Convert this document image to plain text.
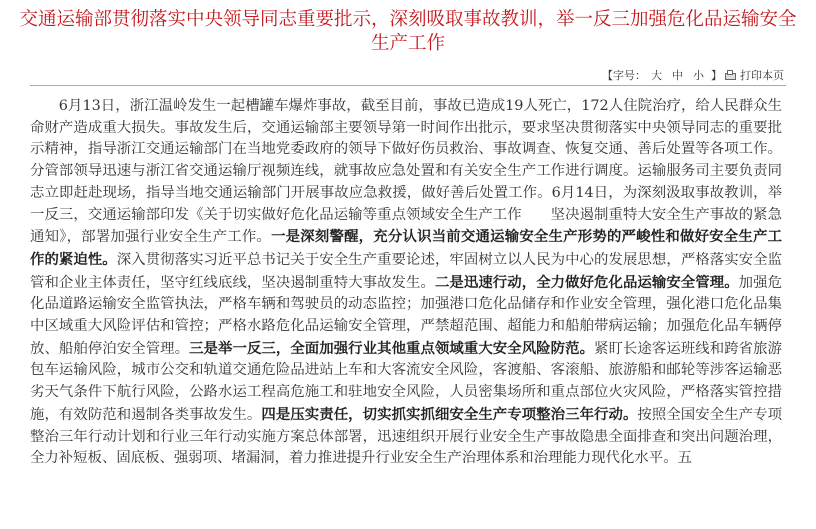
交通运输部贯彻落实中央领导同志重要批示，深刻吸取事故教训，举一反三加强危化品运输安全生产工作
【字号： 大 中 小 】 打印本页
6月13日，浙江温岭发生一起槽罐车爆炸事故，截至目前，事故已造成19人死亡，172人住院治疗，给人民群众生命财产造成重大损失。事故发生后，交通运输部主要领导第一时间作出批示，要求坚决贯彻落实中央领导同志的重要批示精神，指导浙江交通运输部门在当地党委政府的领导下做好伤员救治、事故调查、恢复交通、善后处置等各项工作。分管部领导迅速与浙江省交通运输厅视频连线，就事故应急处置和有关安全生产工作进行调度。运输服务司主要负责同志立即赶赴现场，指导当地交通运输部门开展事故应急救援，做好善后处置工作。6月14日，为深刻汲取事故教训，举一反三，交通运输部印发《关于切实做好危化品运输等重点领域安全生产工作　　坚决遏制重特大安全生产事故的紧急通知》，部署加强行业安全生产工作。一是深刻警醒，充分认识当前交通运输安全生产形势的严峻性和做好安全生产工作的紧迫性。深入贯彻落实习近平总书记关于安全生产重要论述，牢固树立以人民为中心的发展思想，严格落实安全监管和企业主体责任，坚守红线底线，坚决遏制重特大事故发生。二是迅速行动，全力做好危化品运输安全管理。加强危化品道路运输安全监管执法，严格车辆和驾驶员的动态监控；加强港口危化品储存和作业安全管理，强化港口危化品集中区域重大风险评估和管控；严格水路危化品运输安全管理，严禁超范围、超能力和船舶带病运输；加强危化品车辆停放、船舶停泊安全管理。三是举一反三，全面加强行业其他重点领域重大安全风险防范。紧盯长途客运班线和跨省旅游包车运输风险，城市公交和轨道交通危险品进站上车和大客流安全风险，客渡船、客滚船、旅游船和邮轮等涉客运输恶劣天气条件下航行风险，公路水运工程高危施工和驻地安全风险，人员密集场所和重点部位火灾风险，严格落实管控措施，有效防范和遏制各类事故发生。四是压实责任，切实抓实抓细安全生产专项整治三年行动。按照全国安全生产专项整治三年行动计划和行业三年行动实施方案总体部署，迅速组织开展行业安全生产事故隐患全面排查和突出问题治理，全力补短板、固底板、强弱项、堵漏洞，着力推进提升行业安全生产治理体系和治理能力现代化水平。五
